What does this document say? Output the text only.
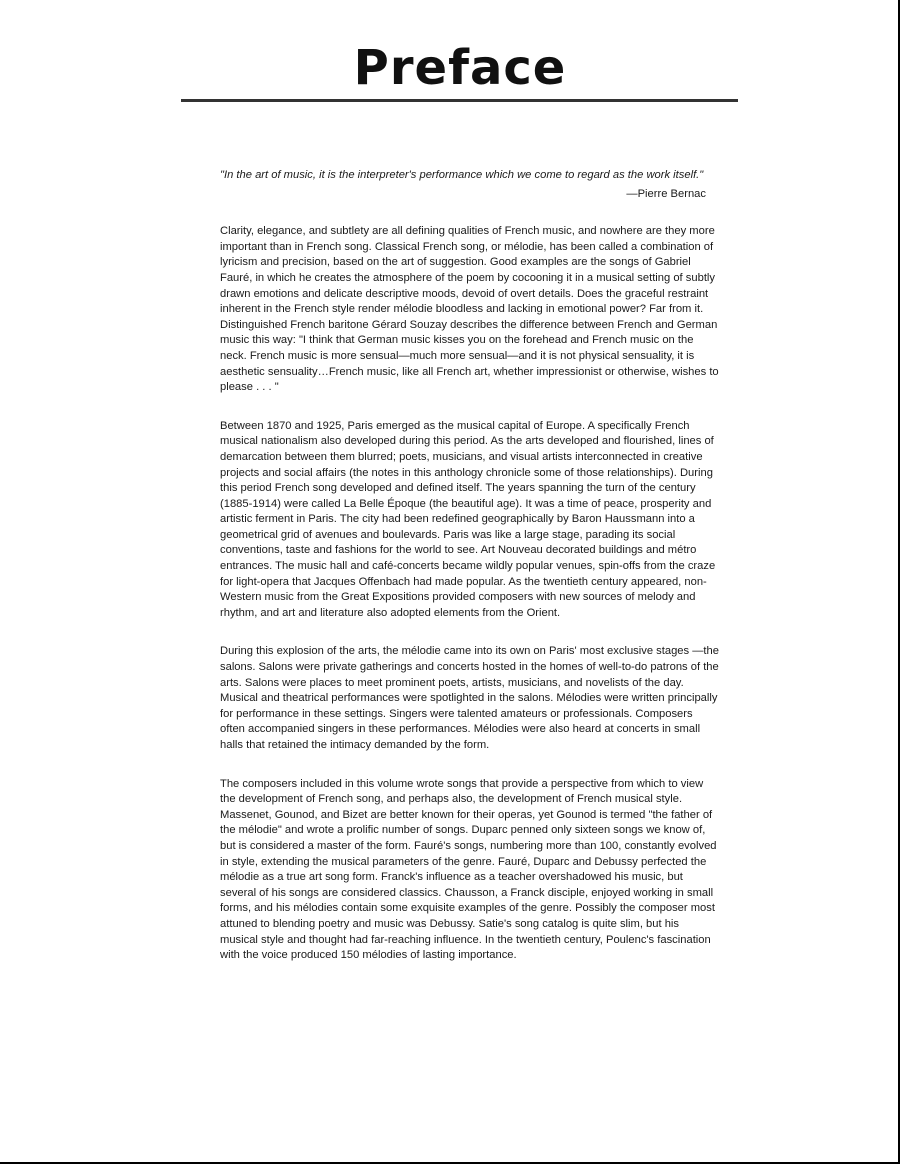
Preface

"In the art of music, it is the interpreter's performance which we come to regard as the work itself."

—Pierre Bernac

Clarity, elegance, and subtlety are all defining qualities of French music, and nowhere are they more important than in French song. Classical French song, or mélodie, has been called a combination of lyricism and precision, based on the art of suggestion. Good examples are the songs of Gabriel Fauré, in which he creates the atmosphere of the poem by cocooning it in a musical setting of subtly drawn emotions and delicate descriptive moods, devoid of overt details. Does the graceful restraint inherent in the French style render mélodie bloodless and lacking in emotional power? Far from it. Distinguished French baritone Gérard Souzay describes the difference between French and German music this way: "I think that German music kisses you on the forehead and French music on the neck. French music is more sensual—much more sensual—and it is not physical sensuality, it is aesthetic sensuality…French music, like all French art, whether impressionist or otherwise, wishes to please . . . "

Between 1870 and 1925, Paris emerged as the musical capital of Europe. A specifically French musical nationalism also developed during this period. As the arts developed and flourished, lines of demarcation between them blurred; poets, musicians, and visual artists interconnected in creative projects and social affairs (the notes in this anthology chronicle some of those relationships). During this period French song developed and defined itself. The years spanning the turn of the century (1885-1914) were called La Belle Époque (the beautiful age). It was a time of peace, prosperity and artistic ferment in Paris. The city had been redefined geographically by Baron Haussmann into a geometrical grid of avenues and boulevards. Paris was like a large stage, parading its social conventions, taste and fashions for the world to see. Art Nouveau decorated buildings and métro entrances. The music hall and café-concerts became wildly popular venues, spin-offs from the craze for light-opera that Jacques Offenbach had made popular. As the twentieth century appeared, non-Western music from the Great Expositions provided composers with new sources of melody and rhythm, and art and literature also adopted elements from the Orient.

During this explosion of the arts, the mélodie came into its own on Paris' most exclusive stages —the salons. Salons were private gatherings and concerts hosted in the homes of well-to-do patrons of the arts. Salons were places to meet prominent poets, artists, musicians, and novelists of the day. Musical and theatrical performances were spotlighted in the salons. Mélodies were written principally for performance in these settings. Singers were talented amateurs or professionals. Composers often accompanied singers in these performances. Mélodies were also heard at concerts in small halls that retained the intimacy demanded by the form.

The composers included in this volume wrote songs that provide a perspective from which to view the development of French song, and perhaps also, the development of French musical style. Massenet, Gounod, and Bizet are better known for their operas, yet Gounod is termed "the father of the mélodie" and wrote a prolific number of songs. Duparc penned only sixteen songs we know of, but is considered a master of the form. Fauré's songs, numbering more than 100, constantly evolved in style, extending the musical parameters of the genre. Fauré, Duparc and Debussy perfected the mélodie as a true art song form. Franck's influence as a teacher overshadowed his music, but several of his songs are considered classics. Chausson, a Franck disciple, enjoyed working in small forms, and his mélodies contain some exquisite examples of the genre. Possibly the composer most attuned to blending poetry and music was Debussy. Satie's song catalog is quite slim, but his musical style and thought had far-reaching influence. In the twentieth century, Poulenc's fascination with the voice produced 150 mélodies of lasting importance.
